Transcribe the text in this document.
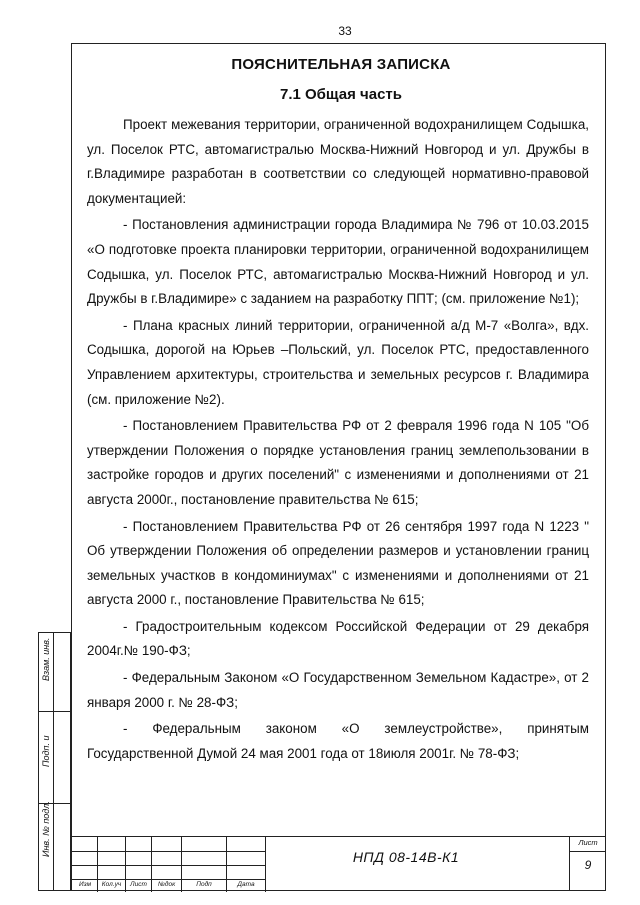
33
ПОЯСНИТЕЛЬНАЯ ЗАПИСКА
7.1 Общая часть

Проект межевания территории, ограниченной водохранилищем Содышка, ул. Поселок РТС, автомагистралью Москва-Нижний Новгород и ул. Дружбы в г.Владимире разработан в соответствии со следующей нормативно-правовой документацией:

- Постановления администрации города Владимира № 796 от 10.03.2015 «О подготовке проекта планировки территории, ограниченной водохранилищем Содышка, ул. Поселок РТС, автомагистралью Москва-Нижний Новгород и ул. Дружбы в г.Владимире» с заданием на разработку ППТ; (см. приложение №1);

- Плана красных линий территории, ограниченной а/д М-7 «Волга», вдх. Содышка, дорогой на Юрьев –Польский, ул. Поселок РТС, предоставленного Управлением архитектуры, строительства и земельных ресурсов г. Владимира (см. приложение №2).

- Постановлением Правительства РФ от 2 февраля 1996 года N 105 "Об утверждении Положения о порядке установления границ землепользовании в застройке городов и других поселений" с изменениями и дополнениями от 21 августа 2000г., постановление правительства № 615;

- Постановлением Правительства РФ от 26 сентября 1997 года N 1223 " Об утверждении Положения об определении размеров и установлении границ земельных участков в кондоминиумах" с изменениями и дополнениями от 21 августа 2000 г., постановление Правительства № 615;

- Градостроительным кодексом Российской Федерации от 29 декабря 2004г.№ 190-ФЗ;

- Федеральным Законом «О Государственном Земельном Кадастре», от 2 января 2000 г. № 28-ФЗ;

- Федеральным законом «О землеустройстве», принятым Государственной Думой 24 мая 2001 года от 18июля 2001г. № 78-ФЗ;

Взам. инв.
Подп. и
Инв. № подл.
Изм	Кол.уч	Лист	№док	Подп	Дата
НПД 08-14В-К1
Лист
9
